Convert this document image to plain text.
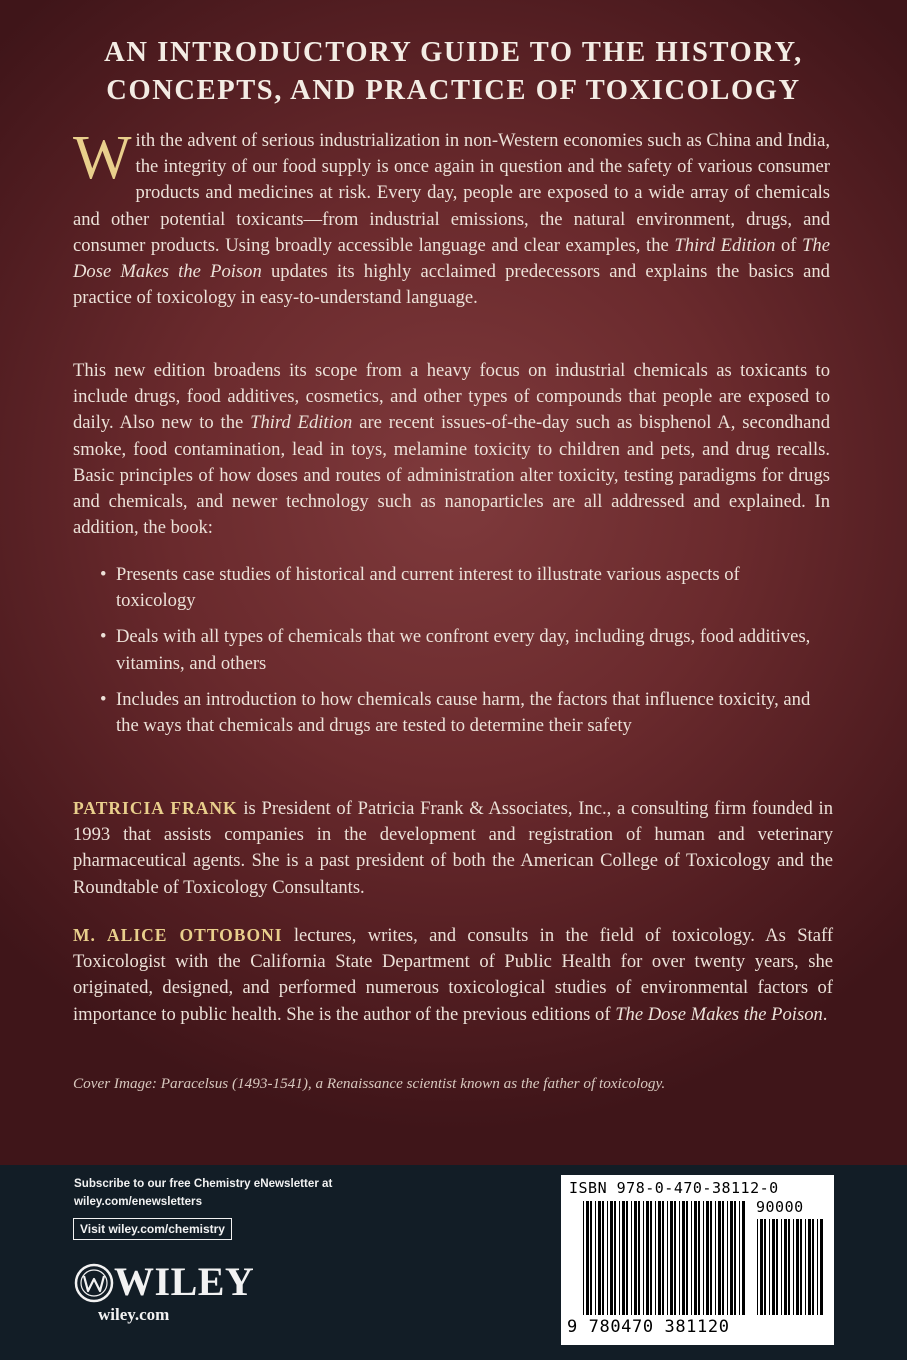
AN INTRODUCTORY GUIDE TO THE HISTORY,
CONCEPTS, AND PRACTICE OF TOXICOLOGY

With the advent of serious industrialization in non-Western economies such as China and India, the integrity of our food supply is once again in question and the safety of various consumer products and medicines at risk. Every day, people are exposed to a wide array of chemicals and other potential toxicants—from industrial emissions, the natural environment, drugs, and consumer products. Using broadly accessible language and clear examples, the Third Edition of The Dose Makes the Poison updates its highly acclaimed predecessors and explains the basics and practice of toxicology in easy-to-understand language.

This new edition broadens its scope from a heavy focus on industrial chemicals as toxicants to include drugs, food additives, cosmetics, and other types of compounds that people are exposed to daily. Also new to the Third Edition are recent issues-of-the-day such as bisphenol A, secondhand smoke, food contamination, lead in toys, melamine toxicity to children and pets, and drug recalls. Basic principles of how doses and routes of administration alter toxicity, testing paradigms for drugs and chemicals, and newer technology such as nanoparticles are all addressed and explained. In addition, the book:

• Presents case studies of historical and current interest to illustrate various aspects of toxicology
• Deals with all types of chemicals that we confront every day, including drugs, food additives, vitamins, and others
• Includes an introduction to how chemicals cause harm, the factors that influence toxicity, and the ways that chemicals and drugs are tested to determine their safety

PATRICIA FRANK is President of Patricia Frank & Associates, Inc., a consulting firm founded in 1993 that assists companies in the development and registration of human and veterinary pharmaceutical agents. She is a past president of both the American College of Toxicology and the Roundtable of Toxicology Consultants.

M. ALICE OTTOBONI lectures, writes, and consults in the field of toxicology. As Staff Toxicologist with the California State Department of Public Health for over twenty years, she originated, designed, and performed numerous toxicological studies of environmental factors of importance to public health. She is the author of the previous editions of The Dose Makes the Poison.

Cover Image: Paracelsus (1493-1541), a Renaissance scientist known as the father of toxicology.

Subscribe to our free Chemistry eNewsletter at
wiley.com/enewsletters
Visit wiley.com/chemistry
WILEY
wiley.com
ISBN 978-0-470-38112-0
90000
9 780470 381120
